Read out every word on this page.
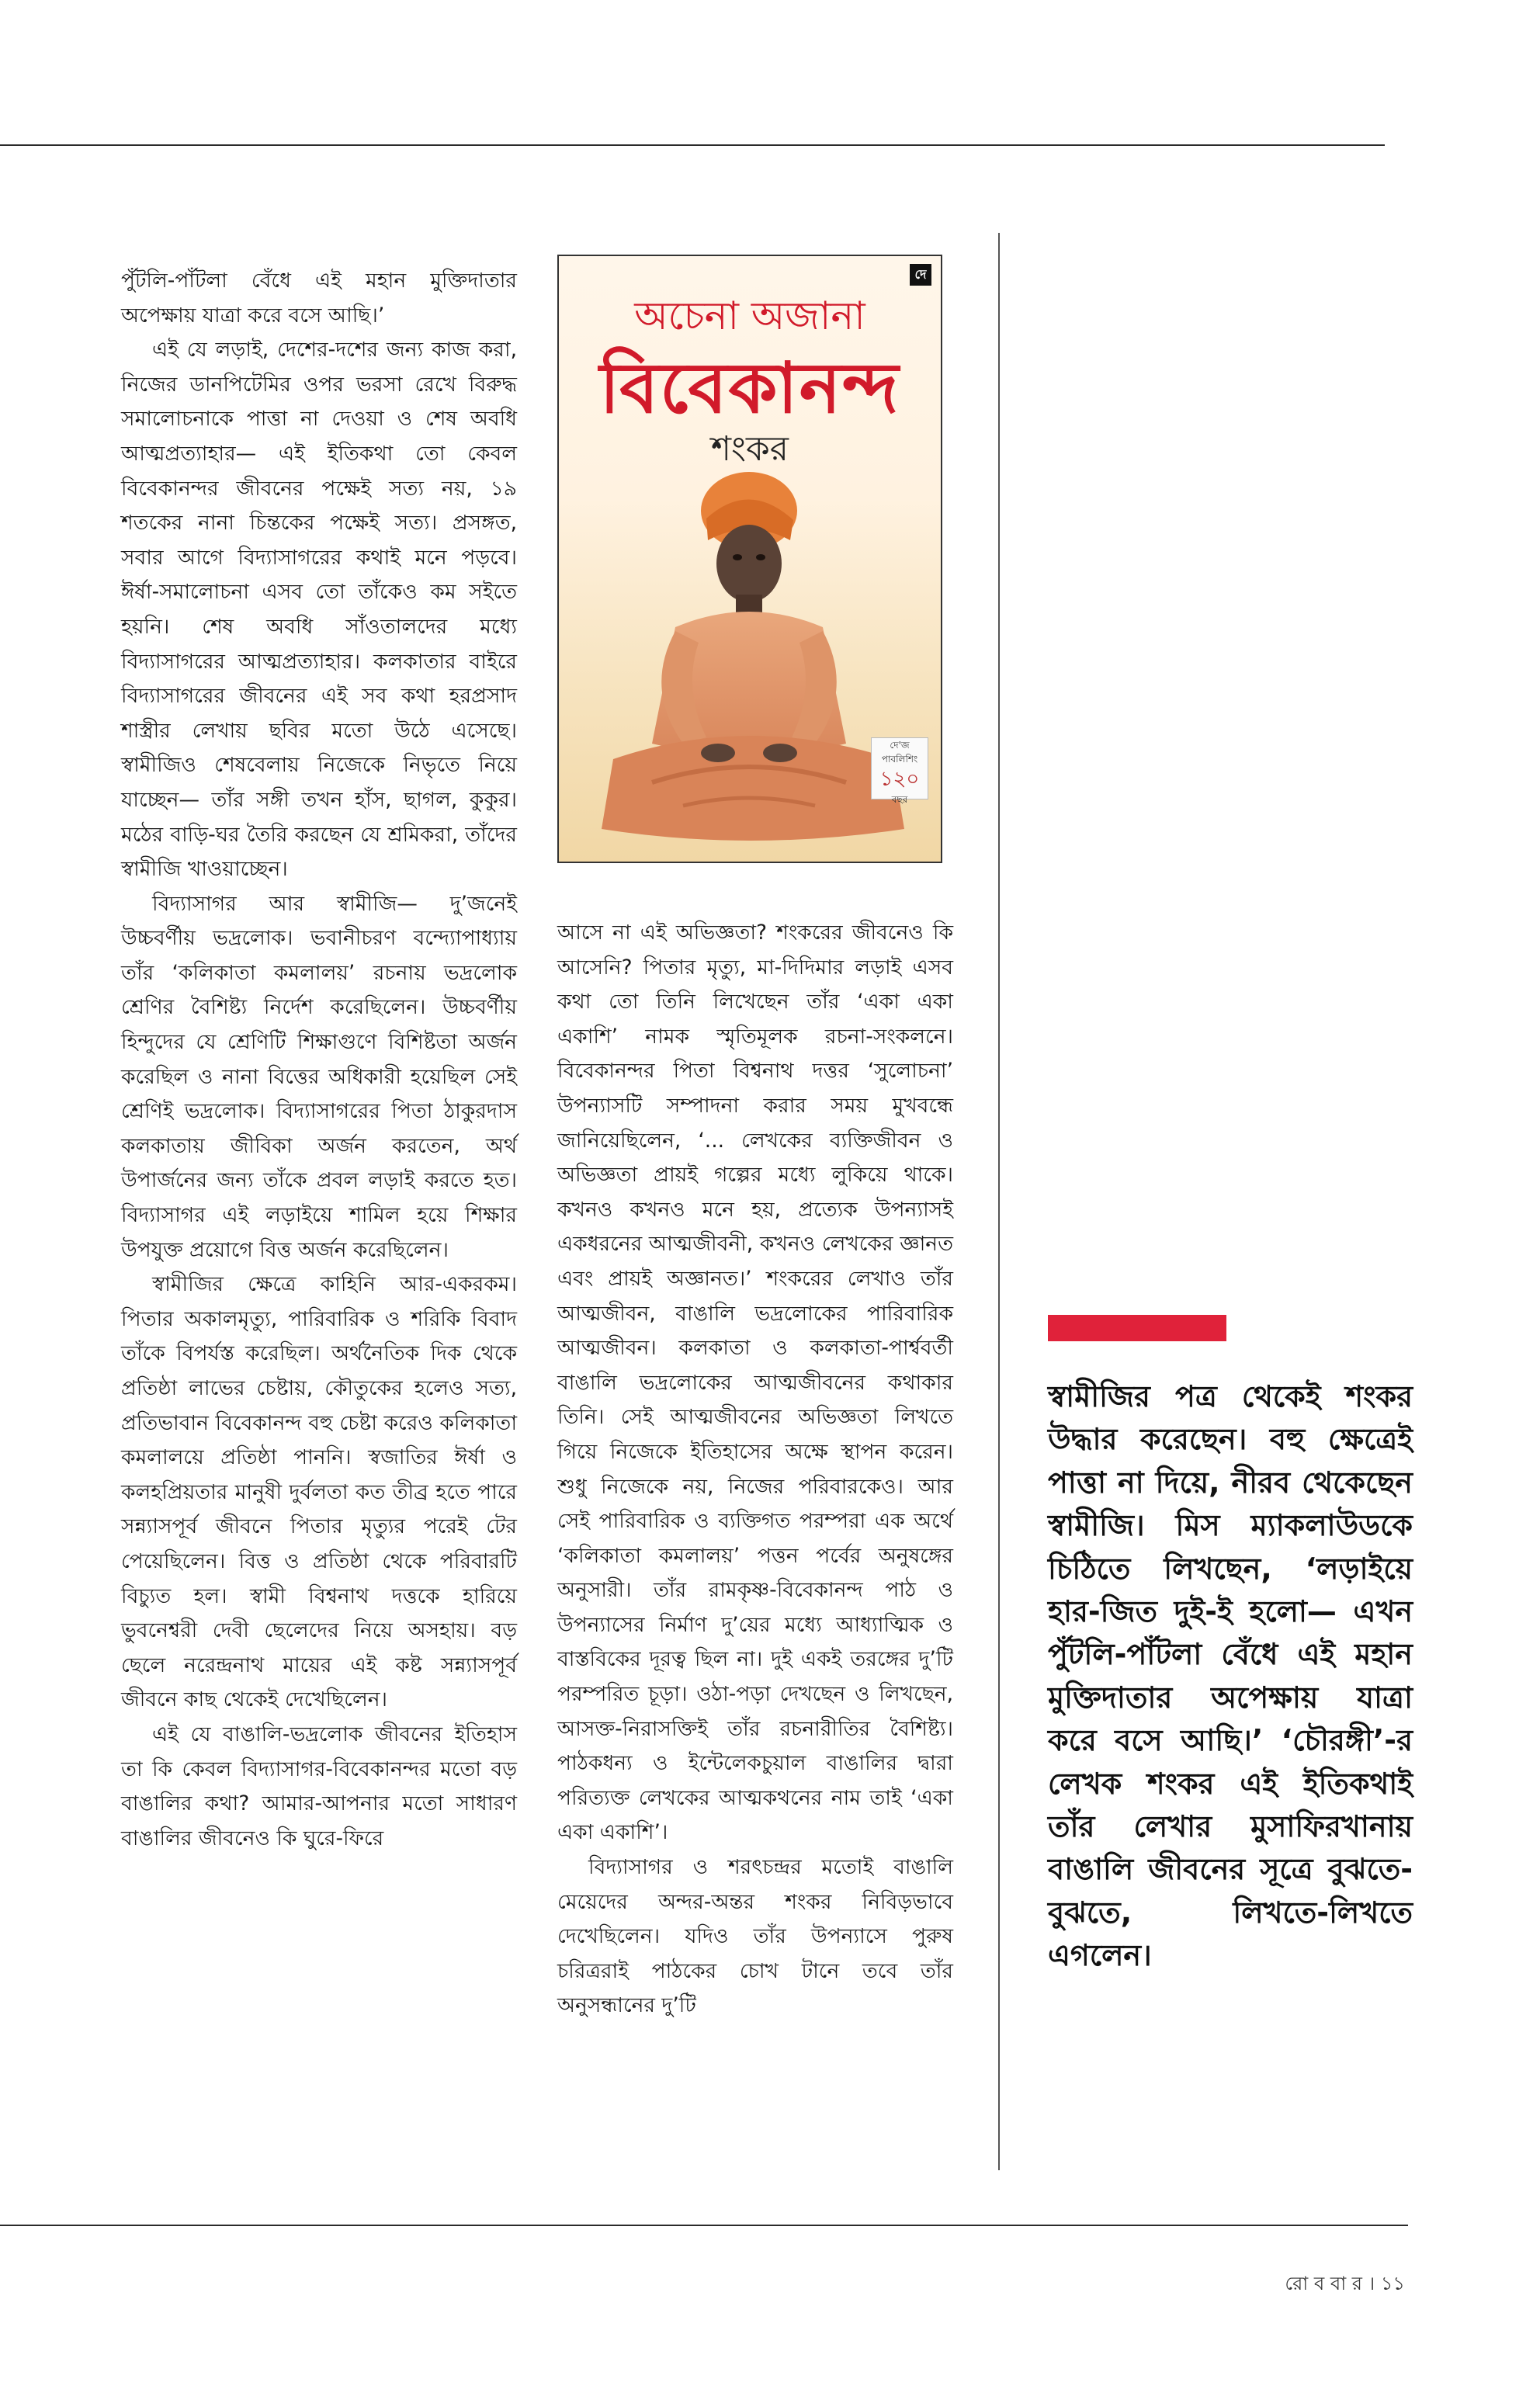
পুঁটলি-পাঁটলা বেঁধে এই মহান মুক্তিদাতার অপেক্ষায় যাত্রা করে বসে আছি।’

এই যে লড়াই, দেশের-দশের জন্য কাজ করা, নিজের ডানপিটেমির ওপর ভরসা রেখে বিরুদ্ধ সমালোচনাকে পাত্তা না দেওয়া ও শেষ অবধি আত্মপ্রত্যাহার— এই ইতিকথা তো কেবল বিবেকানন্দর জীবনের পক্ষেই সত্য নয়, ১৯ শতকের নানা চিন্তকের পক্ষেই সত্য। প্রসঙ্গত, সবার আগে বিদ্যাসাগরের কথাই মনে পড়বে। ঈর্ষা-সমালোচনা এসব তো তাঁকেও কম সইতে হয়নি। শেষ অবধি সাঁওতালদের মধ্যে বিদ্যাসাগরের আত্মপ্রত্যাহার। কলকাতার বাইরে বিদ্যাসাগরের জীবনের এই সব কথা হরপ্রসাদ শাস্ত্রীর লেখায় ছবির মতো উঠে এসেছে। স্বামীজিও শেষবেলায় নিজেকে নিভৃতে নিয়ে যাচ্ছেন— তাঁর সঙ্গী তখন হাঁস, ছাগল, কুকুর। মঠের বাড়ি-ঘর তৈরি করছেন যে শ্রমিকরা, তাঁদের স্বামীজি খাওয়াচ্ছেন।

বিদ্যাসাগর আর স্বামীজি— দু’জনেই উচ্চবর্ণীয় ভদ্রলোক। ভবানীচরণ বন্দ্যোপাধ্যায় তাঁর ‘কলিকাতা কমলালয়’ রচনায় ভদ্রলোক শ্রেণির বৈশিষ্ট্য নির্দেশ করেছিলেন। উচ্চবর্ণীয় হিন্দুদের যে শ্রেণিটি শিক্ষাগুণে বিশিষ্টতা অর্জন করেছিল ও নানা বিত্তের অধিকারী হয়েছিল সেই শ্রেণিই ভদ্রলোক। বিদ্যাসাগরের পিতা ঠাকুরদাস কলকাতায় জীবিকা অর্জন করতেন, অর্থ উপার্জনের জন্য তাঁকে প্রবল লড়াই করতে হত। বিদ্যাসাগর এই লড়াইয়ে শামিল হয়ে শিক্ষার উপযুক্ত প্রয়োগে বিত্ত অর্জন করেছিলেন।

স্বামীজির ক্ষেত্রে কাহিনি আর-একরকম। পিতার অকালমৃত্যু, পারিবারিক ও শরিকি বিবাদ তাঁকে বিপর্যস্ত করেছিল। অর্থনৈতিক দিক থেকে প্রতিষ্ঠা লাভের চেষ্টায়, কৌতুকের হলেও সত্য, প্রতিভাবান বিবেকানন্দ বহু চেষ্টা করেও কলিকাতা কমলালয়ে প্রতিষ্ঠা পাননি। স্বজাতির ঈর্ষা ও কলহপ্রিয়তার মানুষী দুর্বলতা কত তীব্র হতে পারে সন্ন্যাসপূর্ব জীবনে পিতার মৃত্যুর পরেই টের পেয়েছিলেন। বিত্ত ও প্রতিষ্ঠা থেকে পরিবারটি বিচ্যুত হল। স্বামী বিশ্বনাথ দত্তকে হারিয়ে ভুবনেশ্বরী দেবী ছেলেদের নিয়ে অসহায়। বড় ছেলে নরেন্দ্রনাথ মায়ের এই কষ্ট সন্ন্যাসপূর্ব জীবনে কাছ থেকেই দেখেছিলেন।

এই যে বাঙালি-ভদ্রলোক জীবনের ইতিহাস তা কি কেবল বিদ্যাসাগর-বিবেকানন্দর মতো বড় বাঙালির কথা? আমার-আপনার মতো সাধারণ বাঙালির জীবনেও কি ঘুরে-ফিরে

দে
অচেনা অজানা
বিবেকানন্দ
শংকর
দে'জ পাবলিশিং
১২০
বছর

আসে না এই অভিজ্ঞতা? শংকরের জীবনেও কি আসেনি? পিতার মৃত্যু, মা-দিদিমার লড়াই এসব কথা তো তিনি লিখেছেন তাঁর ‘একা একা একাশি’ নামক স্মৃতিমূলক রচনা-সংকলনে। বিবেকানন্দর পিতা বিশ্বনাথ দত্তর ‘সুলোচনা’ উপন্যাসটি সম্পাদনা করার সময় মুখবন্ধে জানিয়েছিলেন, ‘... লেখকের ব্যক্তিজীবন ও অভিজ্ঞতা প্রায়ই গল্পের মধ্যে লুকিয়ে থাকে। কখনও কখনও মনে হয়, প্রত্যেক উপন্যাসই একধরনের আত্মজীবনী, কখনও লেখকের জ্ঞানত এবং প্রায়ই অজ্ঞানত।’ শংকরের লেখাও তাঁর আত্মজীবন, বাঙালি ভদ্রলোকের পারিবারিক আত্মজীবন। কলকাতা ও কলকাতা-পার্শ্ববর্তী বাঙালি ভদ্রলোকের আত্মজীবনের কথাকার তিনি। সেই আত্মজীবনের অভিজ্ঞতা লিখতে গিয়ে নিজেকে ইতিহাসের অক্ষে স্থাপন করেন। শুধু নিজেকে নয়, নিজের পরিবারকেও। আর সেই পারিবারিক ও ব্যক্তিগত পরম্পরা এক অর্থে ‘কলিকাতা কমলালয়’ পত্তন পর্বের অনুষঙ্গের অনুসারী। তাঁর রামকৃষ্ণ-বিবেকানন্দ পাঠ ও উপন্যাসের নির্মাণ দু’য়ের মধ্যে আধ্যাত্মিক ও বাস্তবিকের দূরত্ব ছিল না। দুই একই তরঙ্গের দু’টি পরম্পরিত চূড়া। ওঠা-পড়া দেখছেন ও লিখছেন, আসক্ত-নিরাসক্তিই তাঁর রচনারীতির বৈশিষ্ট্য। পাঠকধন্য ও ইন্টেলেকচুয়াল বাঙালির দ্বারা পরিত্যক্ত লেখকের আত্মকথনের নাম তাই ‘একা একা একাশি’।

বিদ্যাসাগর ও শরৎচন্দ্রর মতোই বাঙালি মেয়েদের অন্দর-অন্তর শংকর নিবিড়ভাবে দেখেছিলেন। যদিও তাঁর উপন্যাসে পুরুষ চরিত্ররাই পাঠকের চোখ টানে তবে তাঁর অনুসন্ধানের দু’টি

স্বামীজির পত্র থেকেই শংকর উদ্ধার করেছেন। বহু ক্ষেত্রেই পাত্তা না দিয়ে, নীরব থেকেছেন স্বামীজি। মিস ম্যাকলাউডকে চিঠিতে লিখছেন, ‘লড়াইয়ে হার-জিত দুই-ই হলো— এখন পুঁটলি-পাঁটলা বেঁধে এই মহান মুক্তিদাতার অপেক্ষায় যাত্রা করে বসে আছি।’ ‘চৌরঙ্গী’-র লেখক শংকর এই ইতিকথাই তাঁর লেখার মুসাফিরখানায় বাঙালি জীবনের সূত্রে বুঝতে-বুঝতে, লিখতে-লিখতে এগলেন।
রো ব বা র । ১১
